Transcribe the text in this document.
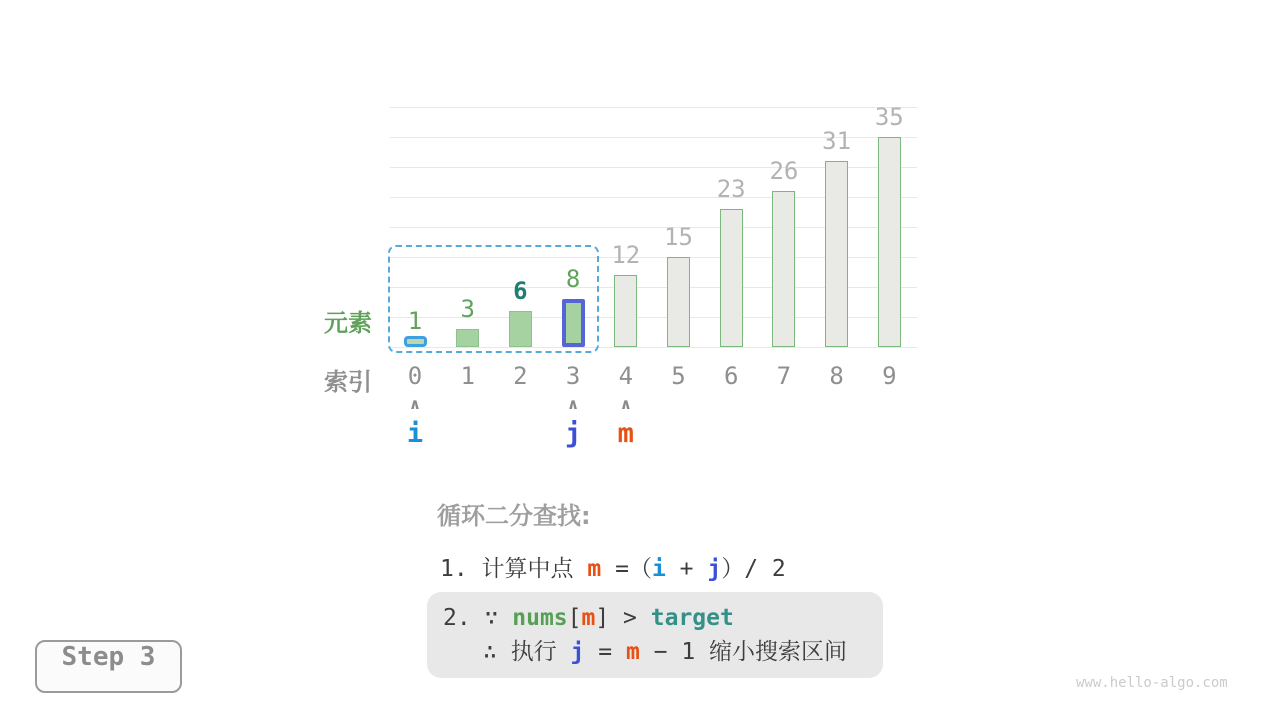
1	3
6	8
12
15
23
26
31
35
元素
索引	0	1	2	3	4	5	6	7	8	9
∧
i
∧
j
∧
m
循环二分查找:
1. 计算中点 m =（i + j）/ 2
2. ∵ nums[m] > target
∴ 执行 j = m − 1 缩小搜索区间
Step 3
www.hello-algo.com
